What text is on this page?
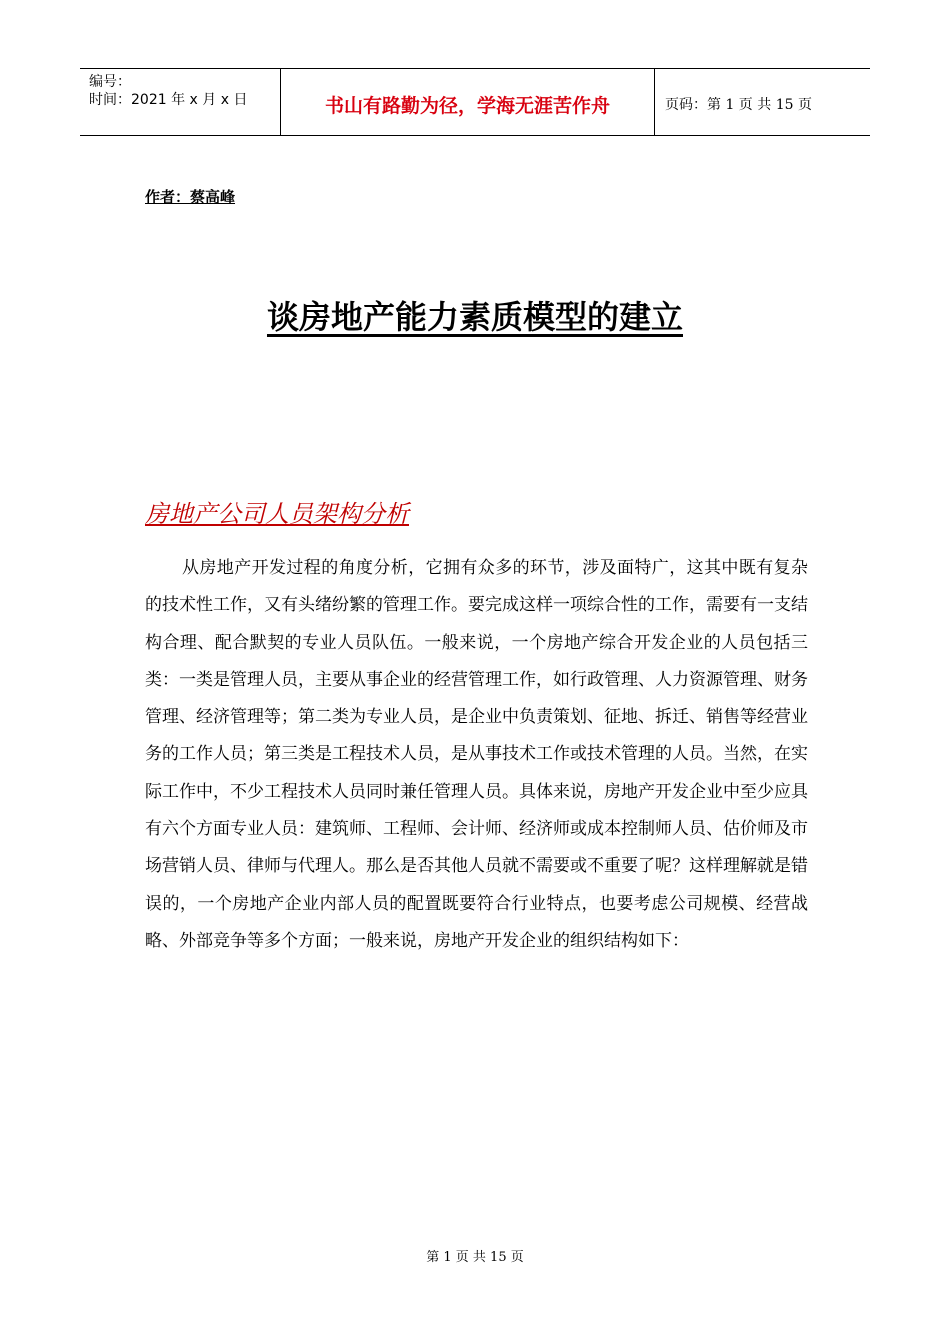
编号：
时间：2021 年 x 月 x 日	书山有路勤为径，学海无涯苦作舟	页码：第 1 页 共 15 页
作者：蔡高峰
谈房地产能力素质模型的建立
房地产公司人员架构分析
从房地产开发过程的角度分析，它拥有众多的环节，涉及面特广，这其中既有复杂的技术性工作，又有头绪纷繁的管理工作。要完成这样一项综合性的工作，需要有一支结构合理、配合默契的专业人员队伍。一般来说，一个房地产综合开发企业的人员包括三类：一类是管理人员，主要从事企业的经营管理工作，如行政管理、人力资源管理、财务管理、经济管理等；第二类为专业人员，是企业中负责策划、征地、拆迁、销售等经营业务的工作人员；第三类是工程技术人员，是从事技术工作或技术管理的人员。当然，在实际工作中，不少工程技术人员同时兼任管理人员。具体来说，房地产开发企业中至少应具有六个方面专业人员：建筑师、工程师、会计师、经济师或成本控制师人员、估价师及市场营销人员、律师与代理人。那么是否其他人员就不需要或不重要了呢？这样理解就是错误的，一个房地产企业内部人员的配置既要符合行业特点，也要考虑公司规模、经营战略、外部竞争等多个方面；一般来说，房地产开发企业的组织结构如下：
第 1 页 共 15 页
